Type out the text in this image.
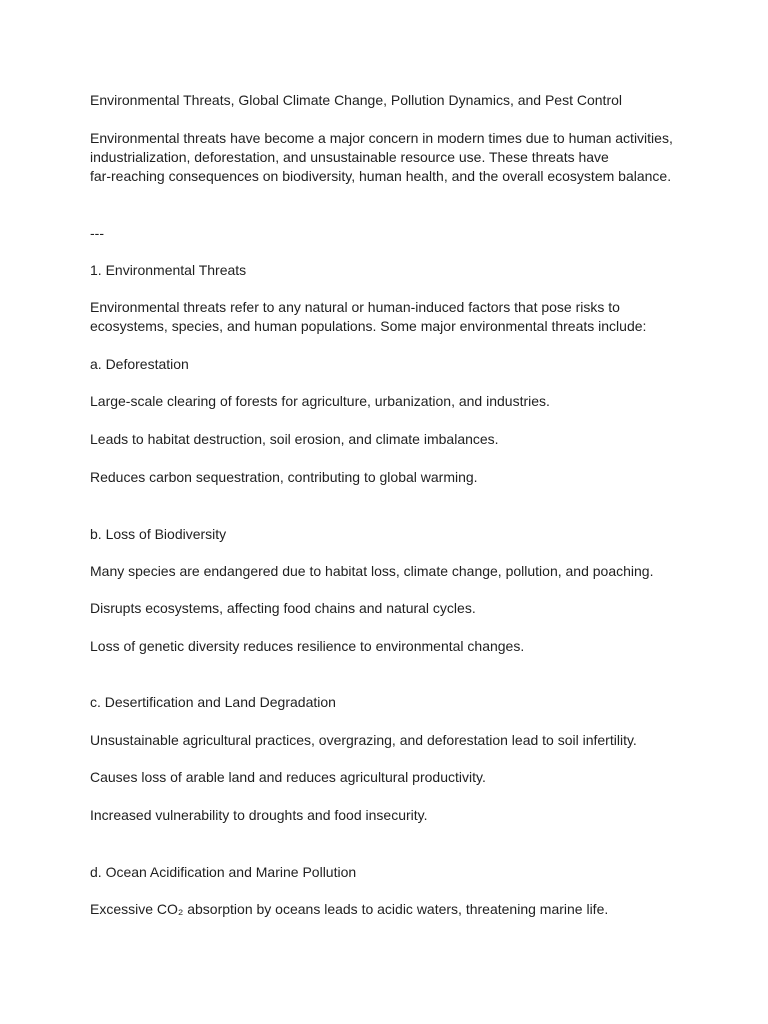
Environmental Threats, Global Climate Change, Pollution Dynamics, and Pest Control

Environmental threats have become a major concern in modern times due to human activities,
industrialization, deforestation, and unsustainable resource use. These threats have
far-reaching consequences on biodiversity, human health, and the overall ecosystem balance.

---

1. Environmental Threats

Environmental threats refer to any natural or human-induced factors that pose risks to
ecosystems, species, and human populations. Some major environmental threats include:

a. Deforestation

Large-scale clearing of forests for agriculture, urbanization, and industries.

Leads to habitat destruction, soil erosion, and climate imbalances.

Reduces carbon sequestration, contributing to global warming.

b. Loss of Biodiversity

Many species are endangered due to habitat loss, climate change, pollution, and poaching.

Disrupts ecosystems, affecting food chains and natural cycles.

Loss of genetic diversity reduces resilience to environmental changes.

c. Desertification and Land Degradation

Unsustainable agricultural practices, overgrazing, and deforestation lead to soil infertility.

Causes loss of arable land and reduces agricultural productivity.

Increased vulnerability to droughts and food insecurity.

d. Ocean Acidification and Marine Pollution

Excessive CO₂ absorption by oceans leads to acidic waters, threatening marine life.
